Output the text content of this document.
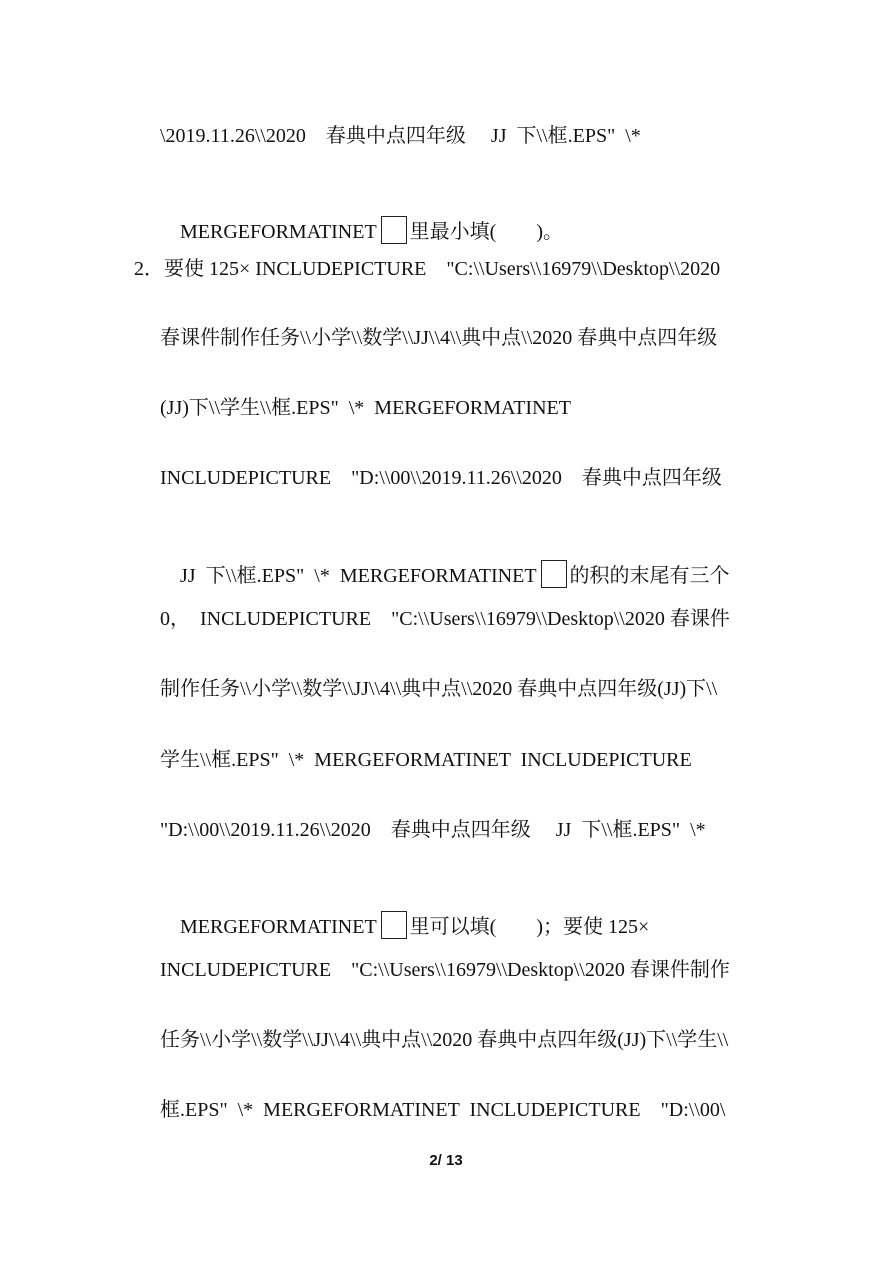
\2019.11.26\\2020　春典中点四年级　 JJ  下\\框.EPS"  \*

MERGEFORMATINET 里最小填(　　)。

2．要使 125× INCLUDEPICTURE　"C:\\Users\\16979\\Desktop\\2020
春课件制作任务\\小学\\数学\\JJ\\4\\典中点\\2020 春典中点四年级
(JJ)下\\学生\\框.EPS"  \*  MERGEFORMATINET
INCLUDEPICTURE　"D:\\00\\2019.11.26\\2020　春典中点四年级

JJ  下\\框.EPS"  \*  MERGEFORMATINET 的积的末尾有三个

0，  INCLUDEPICTURE　"C:\\Users\\16979\\Desktop\\2020 春课件
制作任务\\小学\\数学\\JJ\\4\\典中点\\2020 春典中点四年级(JJ)下\\
学生\\框.EPS"  \*  MERGEFORMATINET  INCLUDEPICTURE
"D:\\00\\2019.11.26\\2020　春典中点四年级　 JJ  下\\框.EPS"  \*

MERGEFORMATINET 里可以填(　　)；要使 125×

INCLUDEPICTURE　"C:\\Users\\16979\\Desktop\\2020 春课件制作
任务\\小学\\数学\\JJ\\4\\典中点\\2020 春典中点四年级(JJ)下\\学生\\
框.EPS"  \*  MERGEFORMATINET  INCLUDEPICTURE　"D:\\00\
2/ 13
